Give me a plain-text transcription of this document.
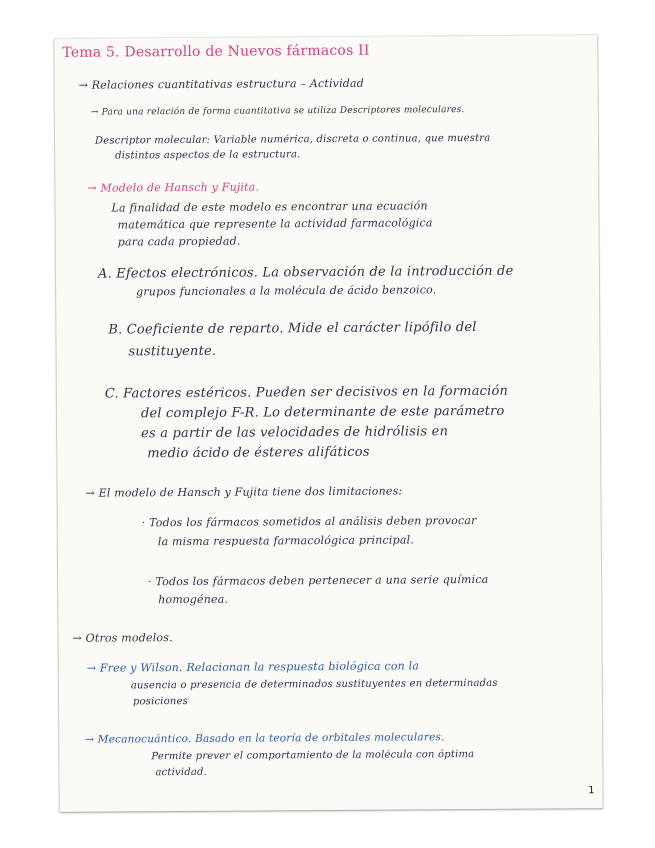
Tema 5. Desarrollo de Nuevos fármacos II
→ Relaciones cuantitativas estructura – Actividad
→ Para una relación de forma cuantitativa se utiliza Descriptores moleculares.
Descriptor molecular: Variable numérica, discreta o continua, que muestra
distintos aspectos de la estructura.
→ Modelo de Hansch y Fujita.
La finalidad de este modelo es encontrar una ecuación
matemática que represente la actividad farmacológica
para cada propiedad.
A. Efectos electrónicos. La observación de la introducción de
grupos funcionales a la molécula de ácido benzoico.
B. Coeficiente de reparto. Mide el carácter lipófilo del
sustituyente.
C. Factores estéricos. Pueden ser decisivos en la formación
del complejo F-R. Lo determinante de este parámetro
es a partir de las velocidades de hidrólisis en
medio ácido de ésteres alifáticos
→ El modelo de Hansch y Fujita tiene dos limitaciones:
· Todos los fármacos sometidos al análisis deben provocar
la misma respuesta farmacológica principal.
· Todos los fármacos deben pertenecer a una serie química
homogénea.
→ Otros modelos.
→ Free y Wilson. Relacionan la respuesta biológica con la
ausencia o presencia de determinados sustituyentes en determinadas
posiciones
→ Mecanocuántico. Basado en la teoría de orbitales moleculares.
Permite prever el comportamiento de la molécula con óptima
actividad.
1
